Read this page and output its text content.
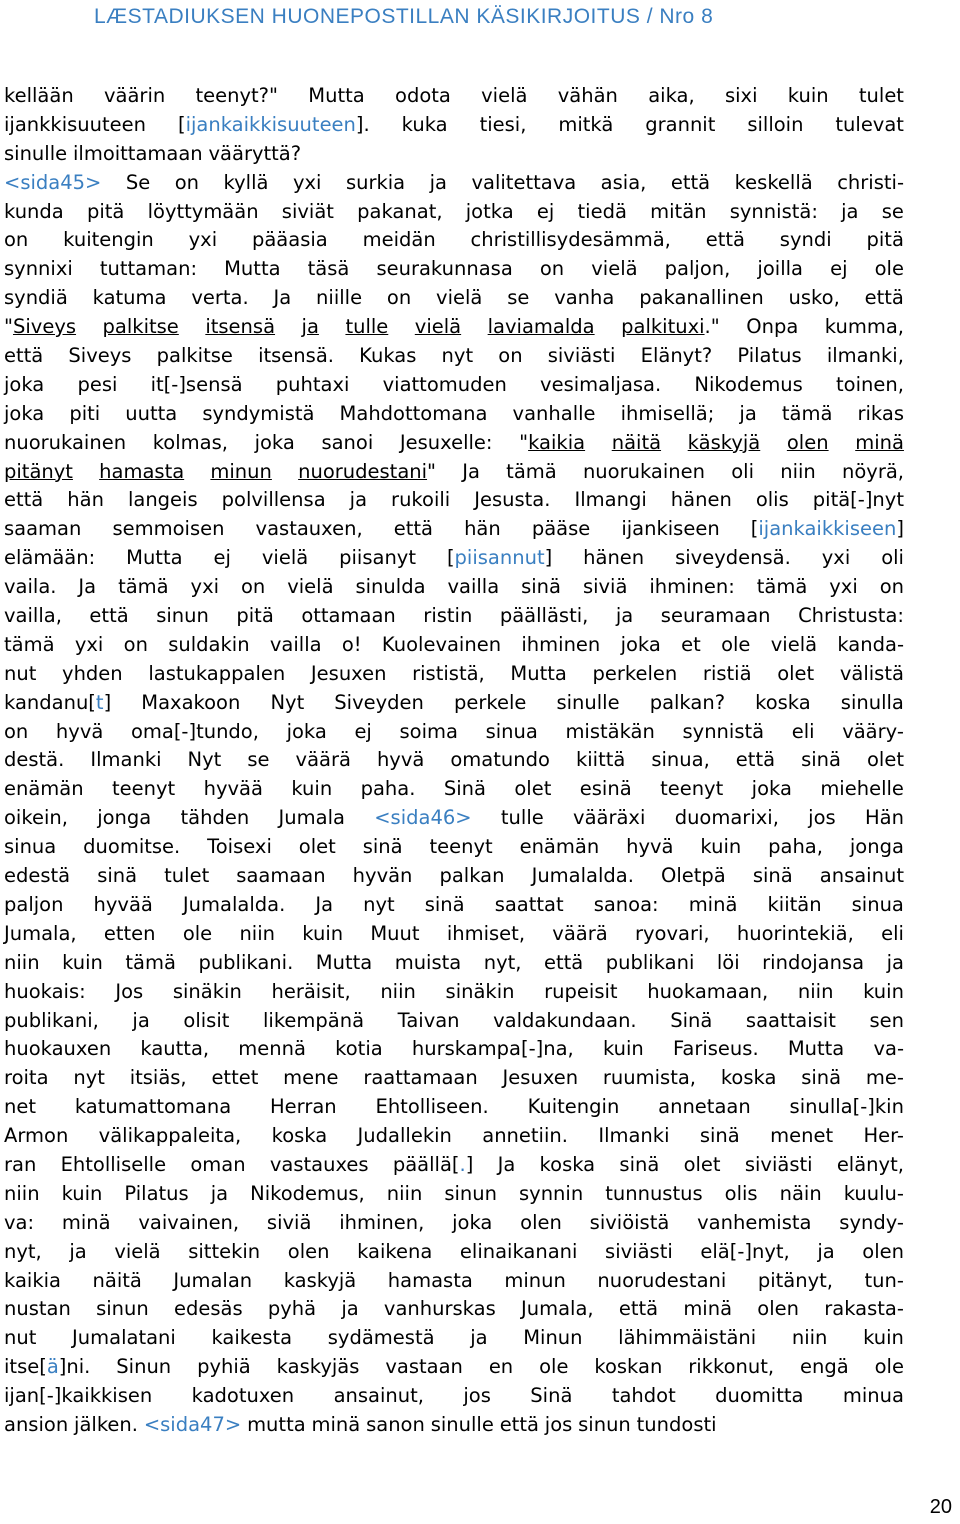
LÆSTADIUKSEN HUONEPOSTILLAN KÄSIKIRJOITUS / Nro 8
kellään väärin teenyt?" Mutta odota vielä vähän aika, sixi kuin tulet
ijankkisuuteen [ijankaikkisuuteen]. kuka tiesi, mitkä grannit silloin tulevat
sinulle ilmoittamaan vääryttä?
<sida45> Se on kyllä yxi surkia ja valitettava asia, että keskellä christi-
kunda pitä löyttymään siviät pakanat, jotka ej tiedä mitän synnistä: ja se
on kuitengin yxi pääasia meidän christillisydesämmä, että syndi pitä
synnixi tuttaman: Mutta täsä seurakunnasa on vielä paljon, joilla ej ole
syndiä katuma verta. Ja niille on vielä se vanha pakanallinen usko, että
"Siveys palkitse itsensä ja tulle vielä laviamalda palkituxi." Onpa kumma,
että Siveys palkitse itsensä. Kukas nyt on siviästi Elänyt? Pilatus ilmanki,
joka pesi it[-]sensä puhtaxi viattomuden vesimaljasa. Nikodemus toinen,
joka piti uutta syndymistä Mahdottomana vanhalle ihmisellä; ja tämä rikas
nuorukainen kolmas, joka sanoi Jesuxelle: "kaikia näitä käskyjä olen minä
pitänyt hamasta minun nuorudestani" Ja tämä nuorukainen oli niin nöyrä,
että hän langeis polvillensa ja rukoili Jesusta. Ilmangi hänen olis pitä[-]nyt
saaman semmoisen vastauxen, että hän pääse ijankiseen [ijankaikkiseen]
elämään: Mutta ej vielä piisanyt [piisannut] hänen siveydensä. yxi oli
vaila. Ja tämä yxi on vielä sinulda vailla sinä siviä ihminen: tämä yxi on
vailla, että sinun pitä ottamaan ristin päällästi, ja seuramaan Christusta:
tämä yxi on suldakin vailla o! Kuolevainen ihminen joka et ole vielä kanda-
nut yhden lastukappalen Jesuxen rististä, Mutta perkelen ristiä olet välistä
kandanu[t] Maxakoon Nyt Siveyden perkele sinulle palkan? koska sinulla
on hyvä oma[-]tundo, joka ej soima sinua mistäkän synnistä eli vääry-
destä. Ilmanki Nyt se väärä hyvä omatundo kiittä sinua, että sinä olet
enämän teenyt hyvää kuin paha. Sinä olet esinä teenyt joka miehelle
oikein, jonga tähden Jumala <sida46> tulle vääräxi duomarixi, jos Hän
sinua duomitse. Toisexi olet sinä teenyt enämän hyvä kuin paha, jonga
edestä sinä tulet saamaan hyvän palkan Jumalalda. Oletpä sinä ansainut
paljon hyvää Jumalalda. Ja nyt sinä saattat sanoa: minä kiitän sinua
Jumala, etten ole niin kuin Muut ihmiset, väärä ryovari, huorintekiä, eli
niin kuin tämä publikani. Mutta muista nyt, että publikani löi rindojansa ja
huokais: Jos sinäkin heräisit, niin sinäkin rupeisit huokamaan, niin kuin
publikani, ja olisit likempänä Taivan valdakundaan. Sinä saattaisit sen
huokauxen kautta, mennä kotia hurskampa[-]na, kuin Fariseus. Mutta va-
roita nyt itsiäs, ettet mene raattamaan Jesuxen ruumista, koska sinä me-
net katumattomana Herran Ehtolliseen. Kuitengin annetaan sinulla[-]kin
Armon välikappaleita, koska Judallekin annetiin. Ilmanki sinä menet Her-
ran Ehtolliselle oman vastauxes päällä[.] Ja koska sinä olet siviästi elänyt,
niin kuin Pilatus ja Nikodemus, niin sinun synnin tunnustus olis näin kuulu-
va: minä vaivainen, siviä ihminen, joka olen siviöistä vanhemista syndy-
nyt, ja vielä sittekin olen kaikena elinaikanani siviästi elä[-]nyt, ja olen
kaikia näitä Jumalan kaskyjä hamasta minun nuorudestani pitänyt, tun-
nustan sinun edesäs pyhä ja vanhurskas Jumala, että minä olen rakasta-
nut Jumalatani kaikesta sydämestä ja Minun lähimmäistäni niin kuin
itse[ä]ni. Sinun pyhiä kaskyjäs vastaan en ole koskan rikkonut, engä ole
ijan[-]kaikkisen kadotuxen ansainut, jos Sinä tahdot duomitta minua
ansion jälken. <sida47> mutta minä sanon sinulle että jos sinun tundosti
20
